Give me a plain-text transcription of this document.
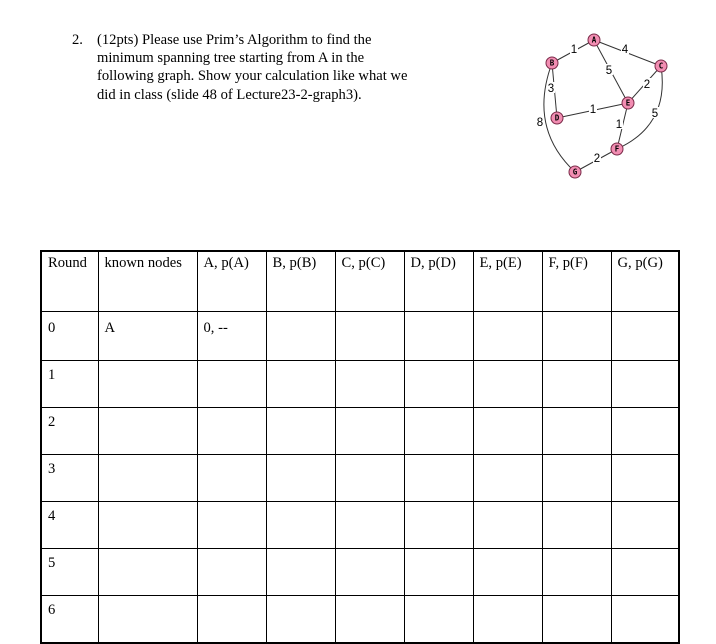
2. (12pts) Please use Prim’s Algorithm to find the
minimum spanning tree starting from A in the
following graph. Show your calculation like what we
did in class (slide 48 of Lecture23-2-graph3).
1	4
5
3
8
2
5
1
1
2
A
B	C
D
E
F
G
Round	known nodes	A, p(A)	B, p(B)	C, p(C)	D, p(D)	E, p(E)	F, p(F)	G, p(G)
0	A	0, --						
1								
2								
3								
4								
5								
6								
